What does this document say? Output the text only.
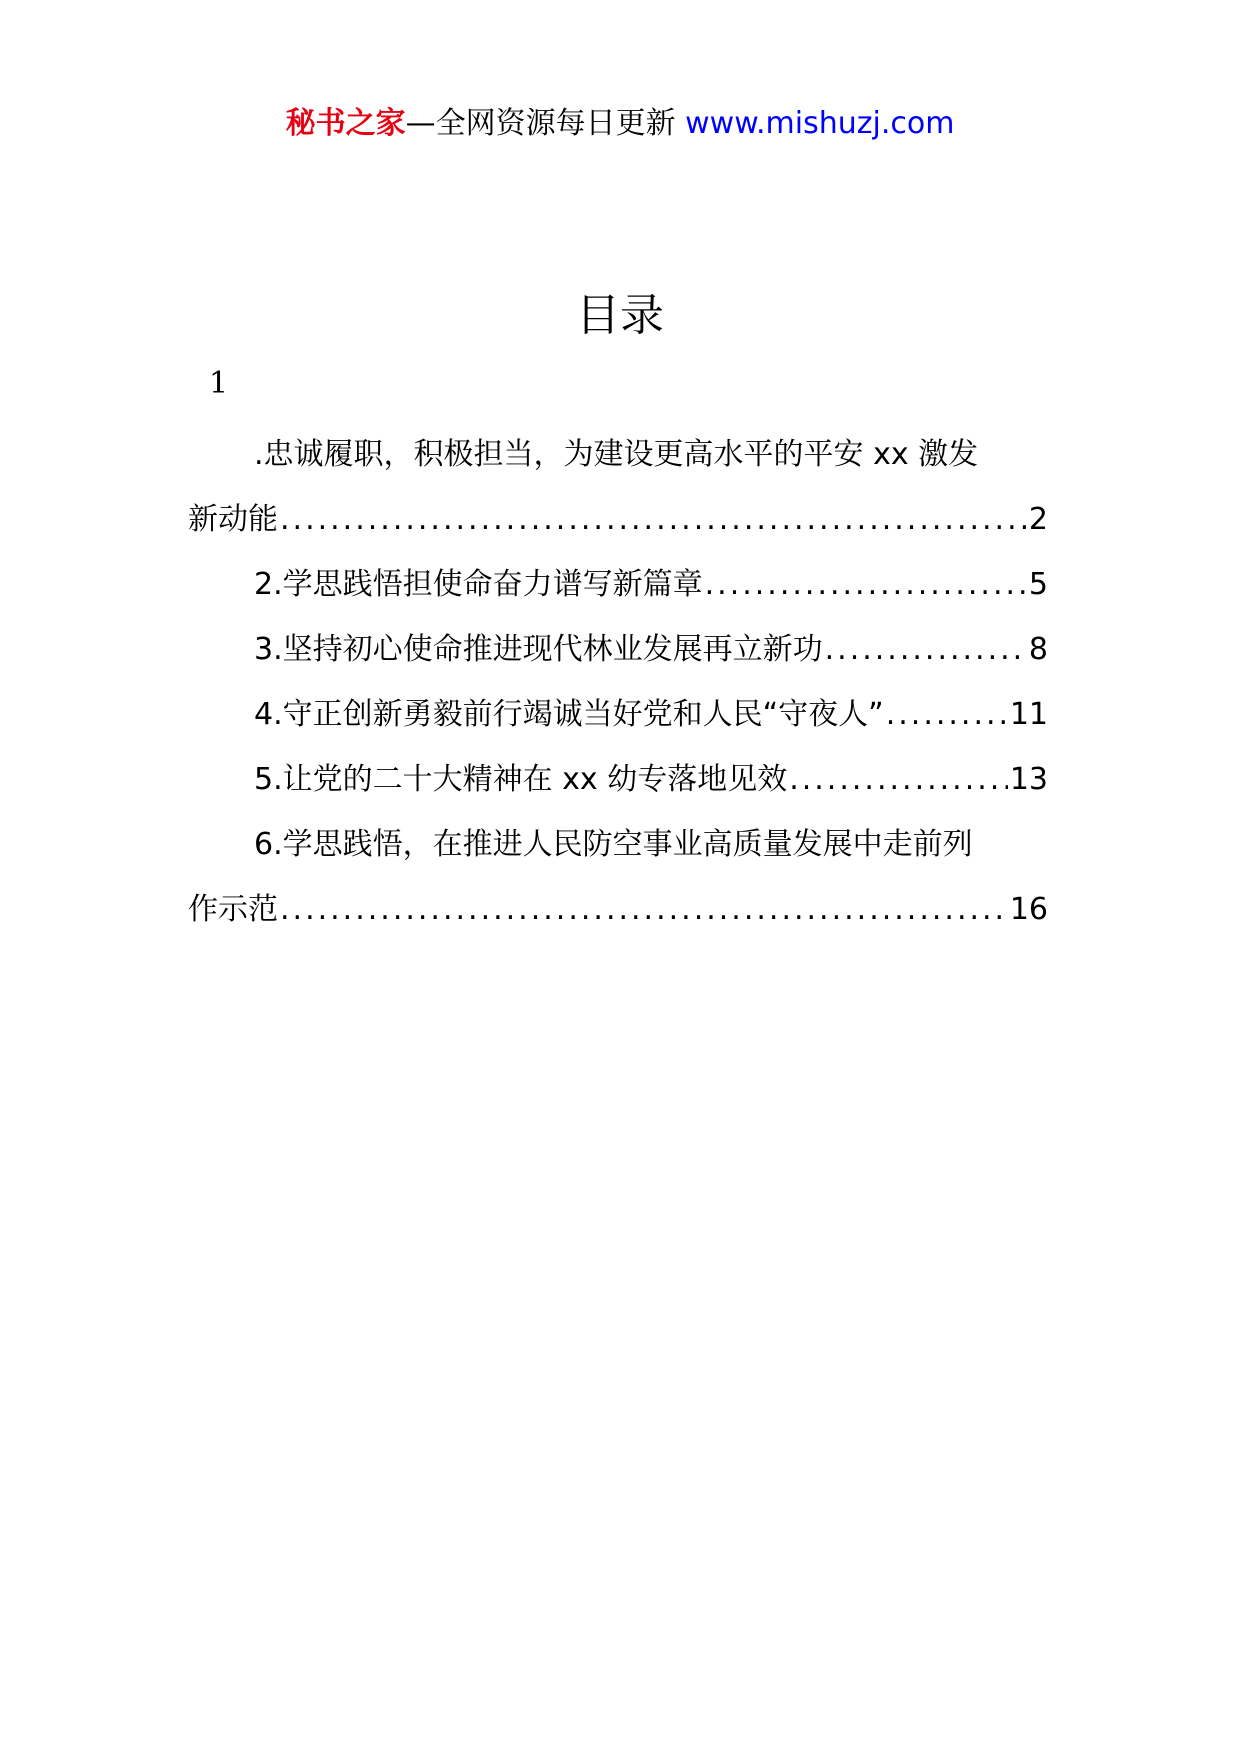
秘书之家—全网资源每日更新 www.mishuzj.com
目录
1
.忠诚履职，积极担当，为建设更高水平的平安 xx 激发
新动能 .....	2
2.学思践悟担使命奋力谱写新篇章 .....	5
3.坚持初心使命推进现代林业发展再立新功 .....	8
4.守正创新勇毅前行竭诚当好党和人民“守夜人” .....	11
5.让党的二十大精神在 xx 幼专落地见效 .....	13
6.学思践悟，在推进人民防空事业高质量发展中走前列
作示范 .....	16
